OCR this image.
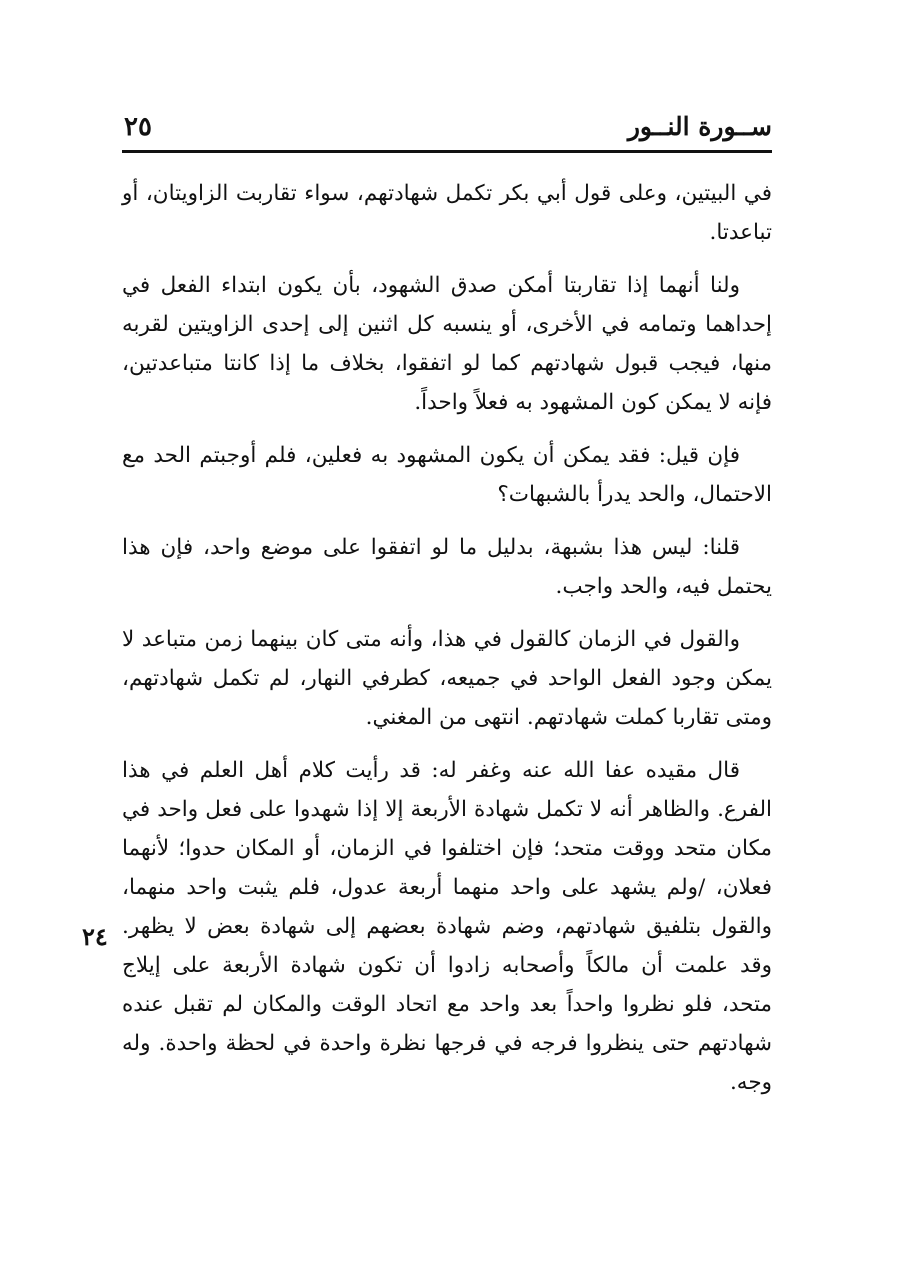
ســورة النــور
٢٥

في البيتين، وعلى قول أبي بكر تكمل شهادتهم، سواء تقاربت الزاويتان، أو تباعدتا.

ولنا أنهما إذا تقاربتا أمكن صدق الشهود، بأن يكون ابتداء الفعل في إحداهما وتمامه في الأخرى، أو ينسبه كل اثنين إلى إحدى الزاويتين لقربه منها، فيجب قبول شهادتهم كما لو اتفقوا، بخلاف ما إذا كانتا متباعدتين، فإنه لا يمكن كون المشهود به فعلاً واحداً.

فإن قيل: فقد يمكن أن يكون المشهود به فعلين، فلم أوجبتم الحد مع الاحتمال، والحد يدرأ بالشبهات؟

قلنا: ليس هذا بشبهة، بدليل ما لو اتفقوا على موضع واحد، فإن هذا يحتمل فيه، والحد واجب.

والقول في الزمان كالقول في هذا، وأنه متى كان بينهما زمن متباعد لا يمكن وجود الفعل الواحد في جميعه، كطرفي النهار، لم تكمل شهادتهم، ومتى تقاربا كملت شهادتهم. انتهى من المغني.

قال مقيده عفا الله عنه وغفر له: قد رأيت كلام أهل العلم في هذا الفرع. والظاهر أنه لا تكمل شهادة الأربعة إلا إذا شهدوا على فعل واحد في مكان متحد ووقت متحد؛ فإن اختلفوا في الزمان، أو المكان حدوا؛ لأنهما فعلان، /ولم يشهد على واحد منهما أربعة عدول، فلم يثبت واحد منهما، والقول بتلفيق شهادتهم، وضم شهادة بعضهم إلى شهادة بعض لا يظهر. وقد علمت أن مالكاً وأصحابه زادوا أن تكون شهادة الأربعة على إيلاج متحد، فلو نظروا واحداً بعد واحد مع اتحاد الوقت والمكان لم تقبل عنده شهادتهم حتى ينظروا فرجه في فرجها نظرة واحدة في لحظة واحدة. وله وجه.

٢٤
